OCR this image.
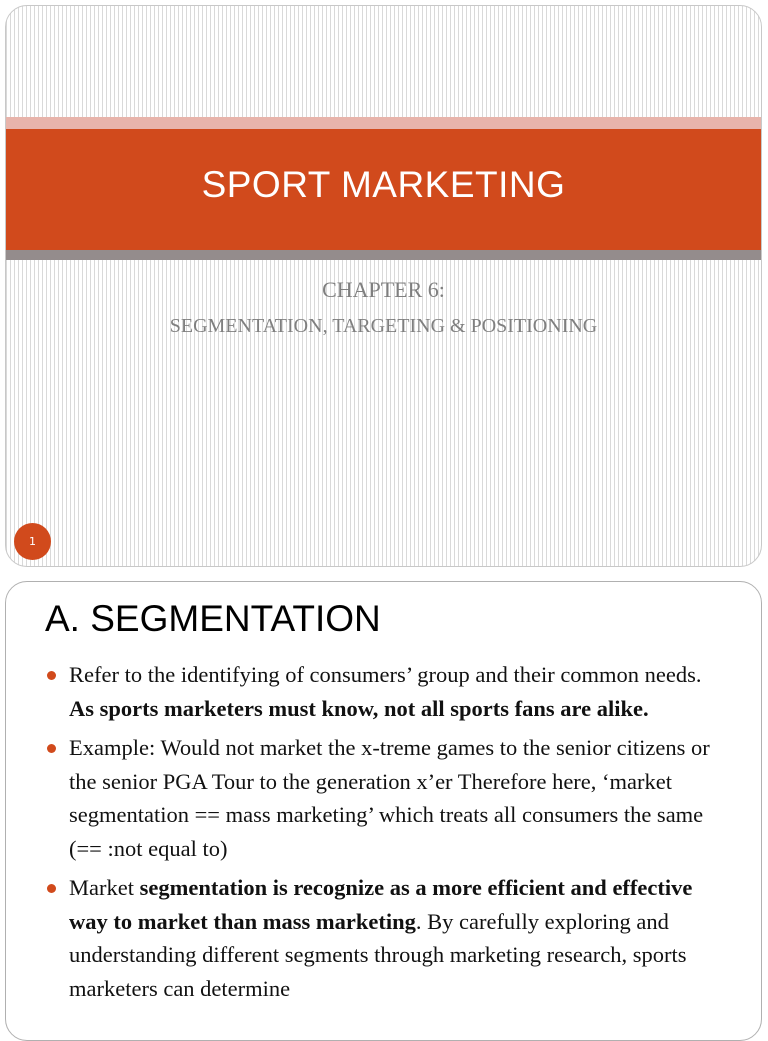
SPORT MARKETING
CHAPTER 6:
SEGMENTATION, TARGETING & POSITIONING
1
A. SEGMENTATION
Refer to the identifying of consumers’ group and their common needs. As sports marketers must know, not all sports fans are alike.
Example: Would not market the x-treme games to the senior citizens or the senior PGA Tour to the generation x’er Therefore here, ‘market segmentation == mass marketing’ which treats all consumers the same (== :not equal to)
Market segmentation is recognize as a more efficient and effective way to market than mass marketing. By carefully exploring and understanding different segments through marketing research, sports marketers can determine
